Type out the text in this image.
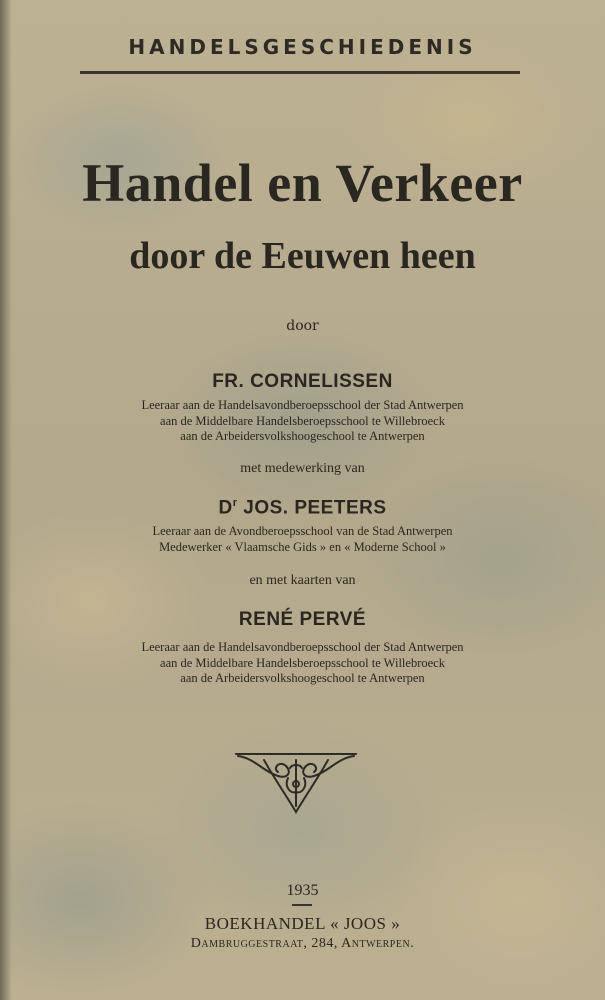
HANDELSGESCHIEDENIS
Handel en Verkeer
door de Eeuwen heen
door
FR. CORNELISSEN
Leeraar aan de Handelsavondberoepsschool der Stad Antwerpen
aan de Middelbare Handelsberoepsschool te Willebroeck
aan de Arbeidersvolkshoogeschool te Antwerpen
met medewerking van
$D^r$ JOS. PEETERS
Leeraar aan de Avondberoepsschool van de Stad Antwerpen
Medewerker « Vlaamsche Gids » en « Moderne School »
en met kaarten van
RENÉ PERVÉ
Leeraar aan de Handelsavondberoepsschool der Stad Antwerpen
aan de Middelbare Handelsberoepsschool te Willebroeck
aan de Arbeidersvolkshoogeschool te Antwerpen
1935
BOEKHANDEL « JOOS »
Dambruggestraat, 284, Antwerpen.
